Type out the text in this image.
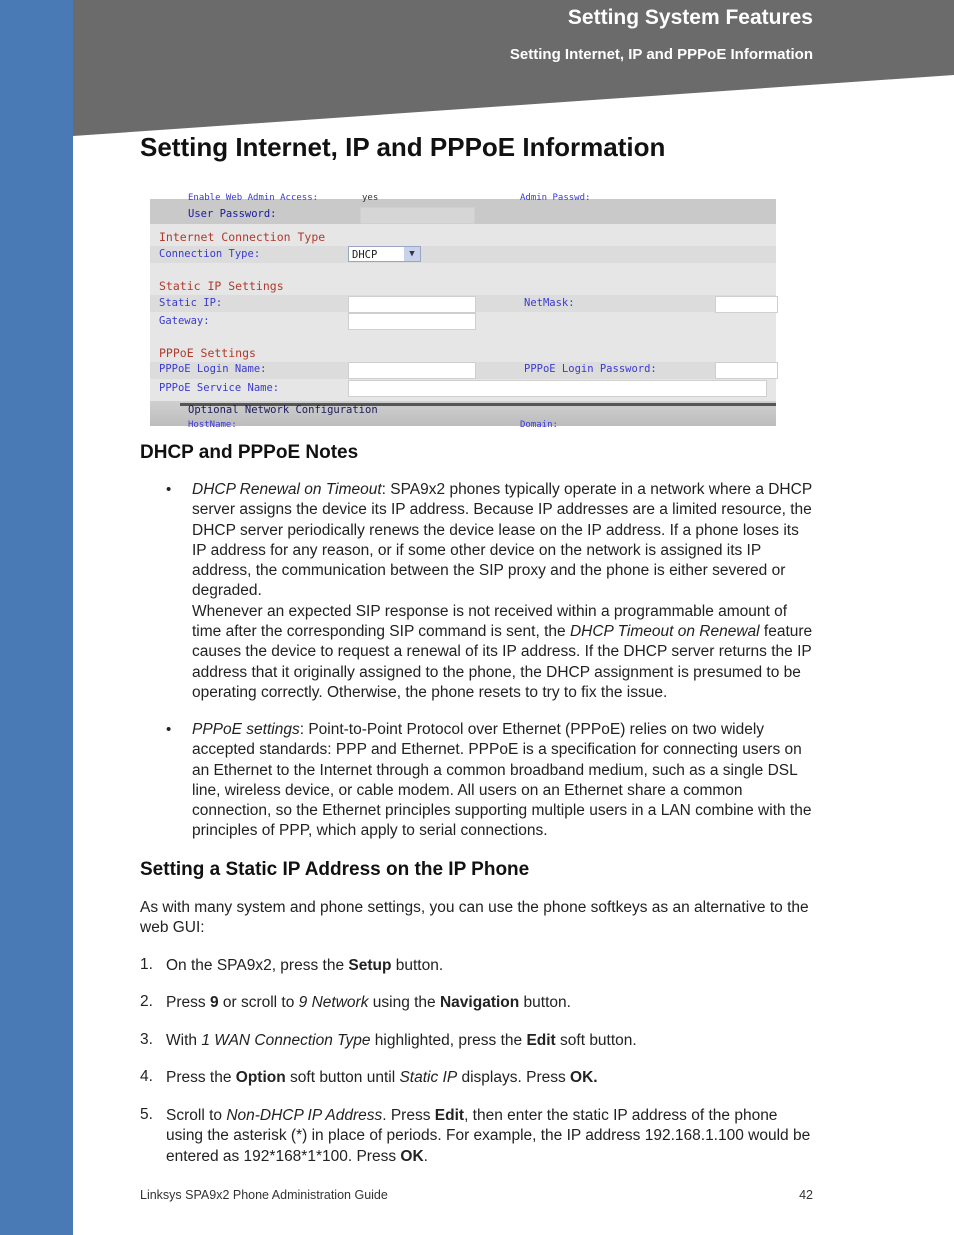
Setting System Features
Setting Internet, IP and PPPoE Information
Setting Internet, IP and PPPoE Information
Enable Web Admin Access:	yes	Admin Passwd:
User Password:
Internet Connection Type
Connection Type:	DHCP	▼
Static IP Settings
Static IP:	NetMask:
Gateway:
PPPoE Settings
PPPoE Login Name:	PPPoE Login Password:
PPPoE Service Name:
Optional Network Configuration
HostName:	Domain:
DHCP and PPPoE Notes
• DHCP Renewal on Timeout: SPA9x2 phones typically operate in a network where a DHCP server assigns the device its IP address. Because IP addresses are a limited resource, the DHCP server periodically renews the device lease on the IP address. If a phone loses its IP address for any reason, or if some other device on the network is assigned its IP address, the communication between the SIP proxy and the phone is either severed or degraded.

Whenever an expected SIP response is not received within a programmable amount of time after the corresponding SIP command is sent, the DHCP Timeout on Renewal feature causes the device to request a renewal of its IP address. If the DHCP server returns the IP address that it originally assigned to the phone, the DHCP assignment is presumed to be operating correctly. Otherwise, the phone resets to try to fix the issue.

• PPPoE settings: Point-to-Point Protocol over Ethernet (PPPoE) relies on two widely accepted standards: PPP and Ethernet. PPPoE is a specification for connecting users on an Ethernet to the Internet through a common broadband medium, such as a single DSL line, wireless device, or cable modem. All users on an Ethernet share a common connection, so the Ethernet principles supporting multiple users in a LAN combine with the principles of PPP, which apply to serial connections.

Setting a Static IP Address on the IP Phone

As with many system and phone settings, you can use the phone softkeys as an alternative to the web GUI:

1. On the SPA9x2, press the Setup button.
2. Press 9 or scroll to 9 Network using the Navigation button.
3. With 1 WAN Connection Type highlighted, press the Edit soft button.
4. Press the Option soft button until Static IP displays. Press OK.
5. Scroll to Non-DHCP IP Address. Press Edit, then enter the static IP address of the phone using the asterisk (*) in place of periods. For example, the IP address 192.168.1.100 would be entered as 192*168*1*100. Press OK.
Linksys SPA9x2 Phone Administration Guide	42
